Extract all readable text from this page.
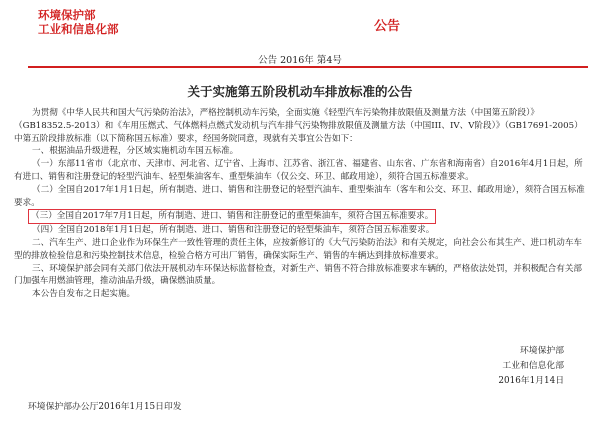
环境保护部
工业和信息化部	公告
公告 2016年 第4号
关于实施第五阶段机动车排放标准的公告

为贯彻《中华人民共和国大气污染防治法》，严格控制机动车污染，全面实施《轻型汽车污染物排放限值及测量方法（中国第五阶段）》（GB18352.5-2013）和《车用压燃式、气体燃料点燃式发动机与汽车排气污染物排放限值及测量方法（中国III、IV、V阶段）》（GB17691-2005）中第五阶段排放标准（以下简称国五标准）要求，经国务院同意，现就有关事宜公告如下：

一、根据油品升级进程，分区域实施机动车国五标准。

（一）东部11省市（北京市、天津市、河北省、辽宁省、上海市、江苏省、浙江省、福建省、山东省、广东省和海南省）自2016年4月1日起，所有进口、销售和注册登记的轻型汽油车、轻型柴油客车、重型柴油车（仅公交、环卫、邮政用途），须符合国五标准要求。

（二）全国自2017年1月1日起，所有制造、进口、销售和注册登记的轻型汽油车、重型柴油车（客车和公交、环卫、邮政用途），须符合国五标准要求。

（三）全国自2017年7月1日起，所有制造、进口、销售和注册登记的重型柴油车，须符合国五标准要求。

（四）全国自2018年1月1日起，所有制造、进口、销售和注册登记的轻型柴油车，须符合国五标准要求。

二、汽车生产、进口企业作为环保生产一致性管理的责任主体，应按新修订的《大气污染防治法》和有关规定，向社会公布其生产、进口机动车车型的排放检验信息和污染控制技术信息，检验合格方可出厂销售，确保实际生产、销售的车辆达到排放标准要求。

三、环境保护部会同有关部门依法开展机动车环保达标监督检查，对新生产、销售不符合排放标准要求车辆的，严格依法处罚，并积极配合有关部门加强车用燃油管理，推动油品升级，确保燃油质量。

本公告自发布之日起实施。

环境保护部
工业和信息化部
2016年1月14日
环境保护部办公厅2016年1月15日印发
